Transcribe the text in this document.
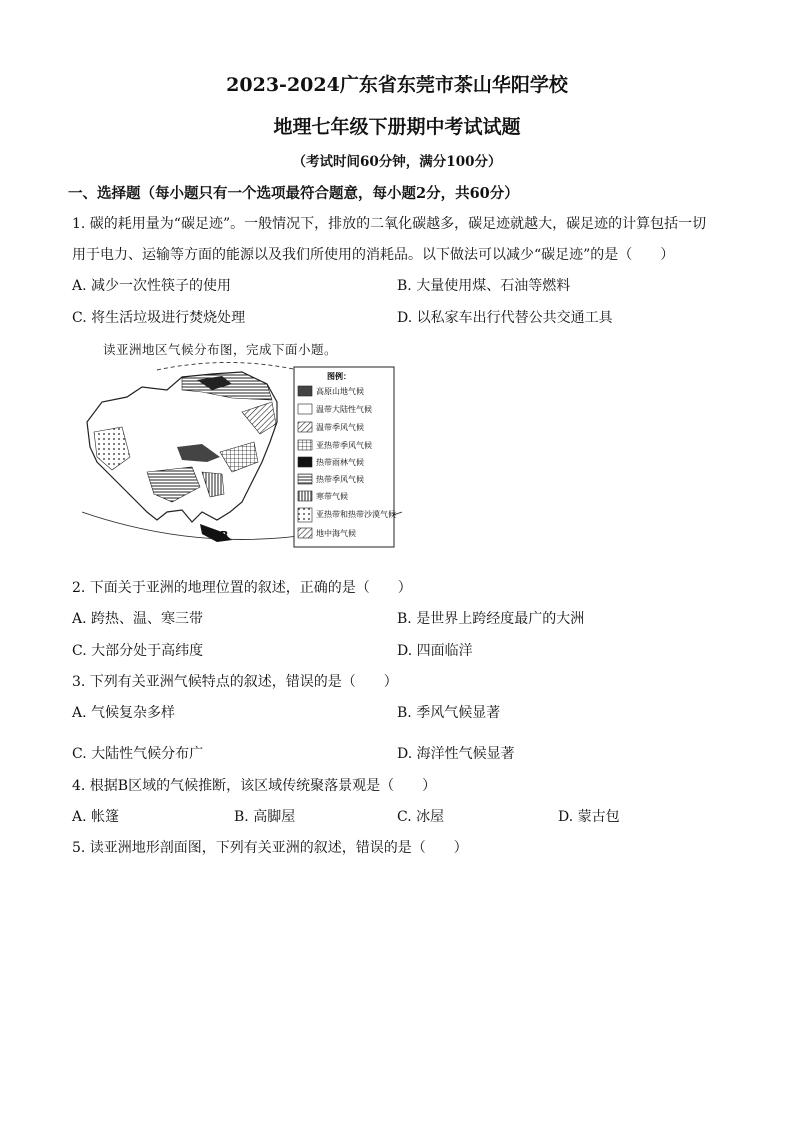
2023-2024广东省东莞市茶山华阳学校
地理七年级下册期中考试试题
（考试时间60分钟，满分100分）
一、选择题（每小题只有一个选项最符合题意，每小题2分，共60分）
1. 碳的耗用量为“碳足迹”。一般情况下，排放的二氧化碳越多，碳足迹就越大，碳足迹的计算包括一切
用于电力、运输等方面的能源以及我们所使用的消耗品。以下做法可以减少“碳足迹”的是（　　）
A. 减少一次性筷子的使用	B. 大量使用煤、石油等燃料
C. 将生活垃圾进行焚烧处理	D. 以私家车出行代替公共交通工具
读亚洲地区气候分布图，完成下面小题。
B
图例：
高原山地气候
温带大陆性气候
温带季风气候
亚热带季风气候
热带雨林气候
热带季风气候
寒带气候
亚热带和热带沙漠气候
地中海气候
2. 下面关于亚洲的地理位置的叙述，正确的是（　　）
A. 跨热、温、寒三带	B. 是世界上跨经度最广的大洲
C. 大部分处于高纬度	D. 四面临洋
3. 下列有关亚洲气候特点的叙述，错误的是（　　）
A. 气候复杂多样	B. 季风气候显著
C. 大陆性气候分布广	D. 海洋性气候显著
4. 根据B区域的气候推断，该区域传统聚落景观是（　　）
A. 帐篷	B. 高脚屋	C. 冰屋	D. 蒙古包
5. 读亚洲地形剖面图，下列有关亚洲的叙述，错误的是（　　）
